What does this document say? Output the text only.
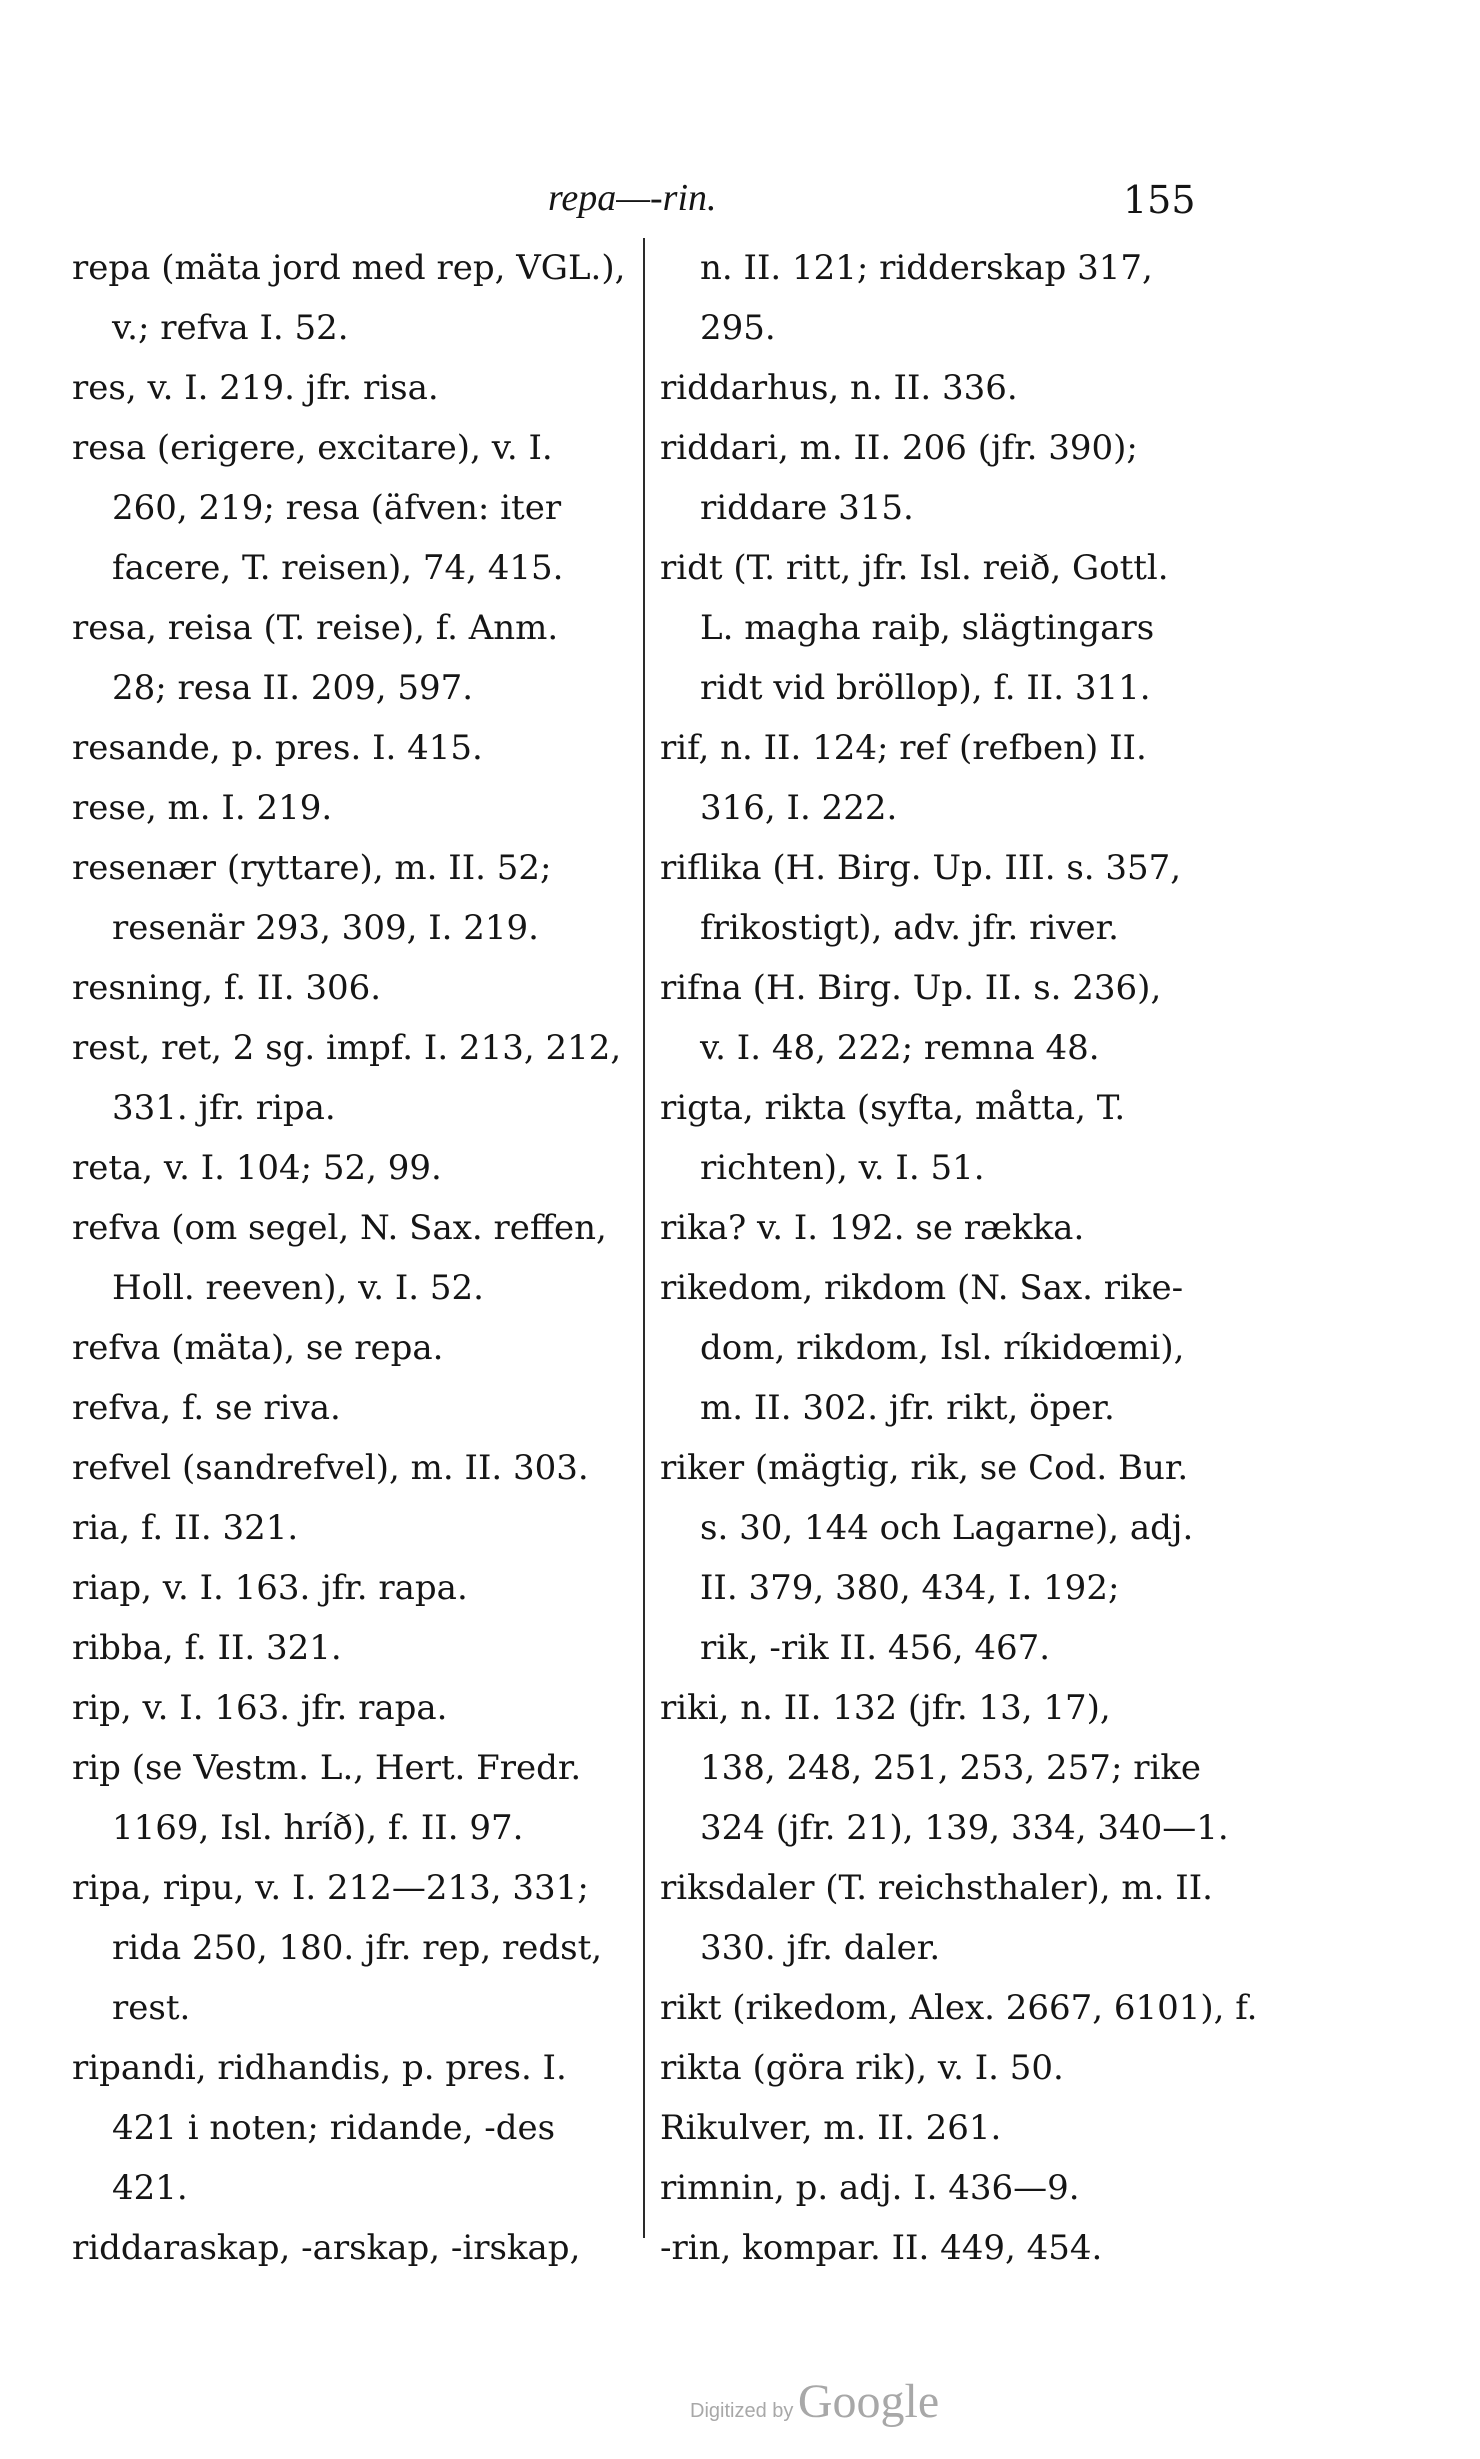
repa—-rin.	155
repa (mäta jord med rep, VGL.),
v.; refva I. 52.
res, v. I. 219. jfr. risa.
resa (erigere, excitare), v. I.
260, 219; resa (äfven: iter
facere, T. reisen), 74, 415.
resa, reisa (T. reise), f. Anm.
28; resa II. 209, 597.
resande, p. pres. I. 415.
rese, m. I. 219.
resenær (ryttare), m. II. 52;
resenär 293, 309, I. 219.
resning, f. II. 306.
rest, ret, 2 sg. impf. I. 213, 212,
331. jfr. ripa.
reta, v. I. 104; 52, 99.
refva (om segel, N. Sax. reffen,
Holl. reeven), v. I. 52.
refva (mäta), se repa.
refva, f. se riva.
refvel (sandrefvel), m. II. 303.
ria, f. II. 321.
riap, v. I. 163. jfr. rapa.
ribba, f. II. 321.
rip, v. I. 163. jfr. rapa.
rip (se Vestm. L., Hert. Fredr.
1169, Isl. hríð), f. II. 97.
ripa, ripu, v. I. 212—213, 331;
rida 250, 180. jfr. rep, redst,
rest.
ripandi, ridhandis, p. pres. I.
421 i noten; ridande, -des
421.
riddaraskap, -arskap, -irskap,
n. II. 121; ridderskap 317,
295.
riddarhus, n. II. 336.
riddari, m. II. 206 (jfr. 390);
riddare 315.
ridt (T. ritt, jfr. Isl. reið, Gottl.
L. magha raiþ, slägtingars
ridt vid bröllop), f. II. 311.
rif, n. II. 124; ref (refben) II.
316, I. 222.
riflika (H. Birg. Up. III. s. 357,
frikostigt), adv. jfr. river.
rifna (H. Birg. Up. II. s. 236),
v. I. 48, 222; remna 48.
rigta, rikta (syfta, måtta, T.
richten), v. I. 51.
rika? v. I. 192. se rækka.
rikedom, rikdom (N. Sax. rike-
dom, rikdom, Isl. ríkidœmi),
m. II. 302. jfr. rikt, öper.
riker (mägtig, rik, se Cod. Bur.
s. 30, 144 och Lagarne), adj.
II. 379, 380, 434, I. 192;
rik, -rik II. 456, 467.
riki, n. II. 132 (jfr. 13, 17),
138, 248, 251, 253, 257; rike
324 (jfr. 21), 139, 334, 340—1.
riksdaler (T. reichsthaler), m. II.
330. jfr. daler.
rikt (rikedom, Alex. 2667, 6101), f.
rikta (göra rik), v. I. 50.
Rikulver, m. II. 261.
rimnin, p. adj. I. 436—9.
-rin, kompar. II. 449, 454.
Digitized by Google
